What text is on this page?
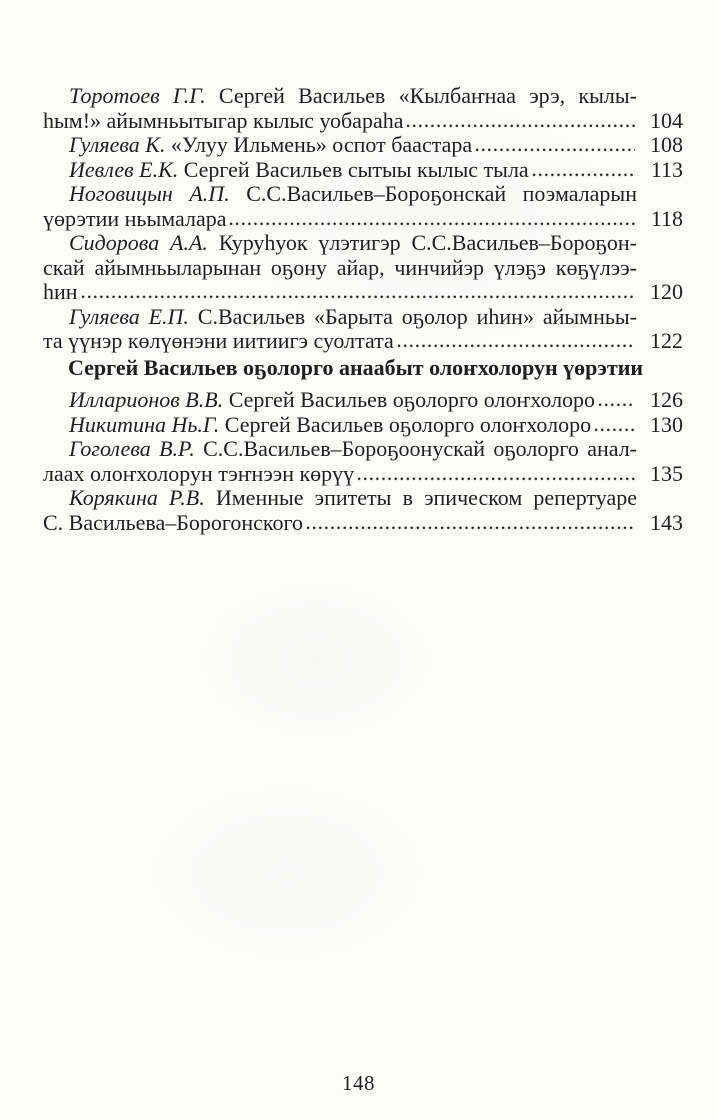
Торотоев Г.Г. Сергей Васильев «Кылбаҥнаа эрэ, кылы-
һым!» айымньытыгар кылыс уобараһа	104
Гуляева К. «Улуу Ильмень» оспот баастара	108
Иевлев Е.К. Сергей Васильев сытыы кылыс тыла	113
Ноговицын А.П. С.С.Васильев–Бороҕонскай поэмаларын
үөрэтии ньымалара	118
Сидорова А.А. Куруһуок үлэтигэр С.С.Васильев–Бороҕон-
скай айымньыларынан оҕону айар, чинчийэр үлэҕэ көҕүлээ-
һин	120
Гуляева Е.П. С.Васильев «Барыта оҕолор иһин» айымньы-
та үүнэр көлүөнэни иитиигэ суолтата	122
Сергей Васильев оҕолорго анаабыт олоҥхолорун үөрэтии
Илларионов В.В. Сергей Васильев оҕолорго олоҥхолоро	126
Никитина Нь.Г. Сергей Васильев оҕолорго олоҥхолоро	130
Гоголева В.Р. С.С.Васильев–Бороҕоонускай оҕолорго анал-
лаах олоҥхолорун тэҥнээн көрүү	135
Корякина Р.В. Именные эпитеты в эпическом репертуаре
С. Васильева–Борогонского	143
148
